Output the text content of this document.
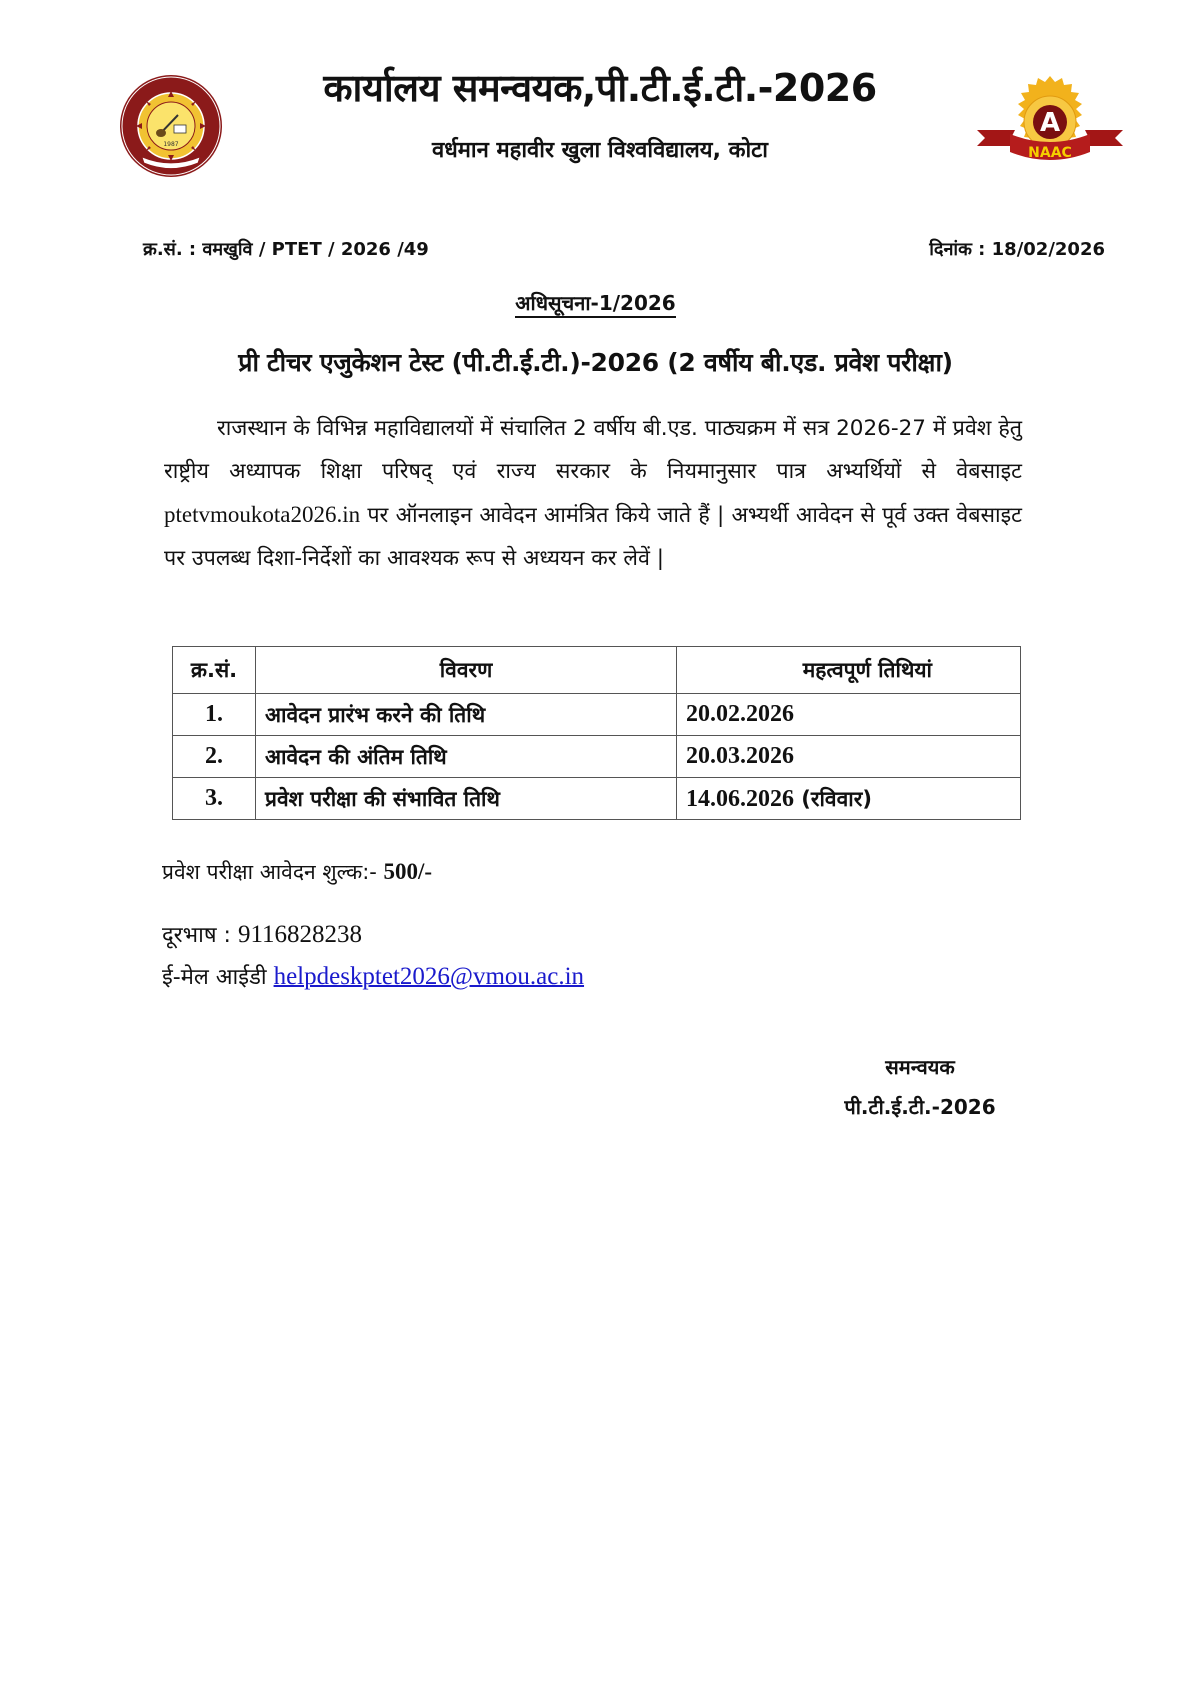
1987
कार्यालय समन्वयक,पी.टी.ई.टी.-2026
वर्धमान महावीर खुला विश्वविद्यालय, कोटा
A
NAAC
क्र.सं. : वमखुवि / PTET / 2026 /49	दिनांक : 18/02/2026
अधिसूचना-1/2026
प्री टीचर एजुकेशन टेस्ट (पी.टी.ई.टी.)-2026 (2 वर्षीय बी.एड. प्रवेश परीक्षा)
राजस्थान के विभिन्न महाविद्यालयों में संचालित 2 वर्षीय बी.एड. पाठ्यक्रम में सत्र 2026-27 में प्रवेश हेतु राष्ट्रीय अध्यापक शिक्षा परिषद् एवं राज्य सरकार के नियमानुसार पात्र अभ्यर्थियों से वेबसाइट ptetvmoukota2026.in पर ऑनलाइन आवेदन आमंत्रित किये जाते हैं | अभ्यर्थी आवेदन से पूर्व उक्त वेबसाइट पर उपलब्ध दिशा-निर्देशों का आवश्यक रूप से अध्ययन कर लेवें |
क्र.सं.	विवरण	महत्वपूर्ण तिथियां
1.	आवेदन प्रारंभ करने की तिथि	20.02.2026
2.	आवेदन की अंतिम तिथि	20.03.2026
3.	प्रवेश परीक्षा की संभावित तिथि	14.06.2026 (रविवार)
प्रवेश परीक्षा आवेदन शुल्क:- 500/-
दूरभाष : 9116828238
ई-मेल आईडी helpdeskptet2026@vmou.ac.in
समन्वयक
पी.टी.ई.टी.-2026
